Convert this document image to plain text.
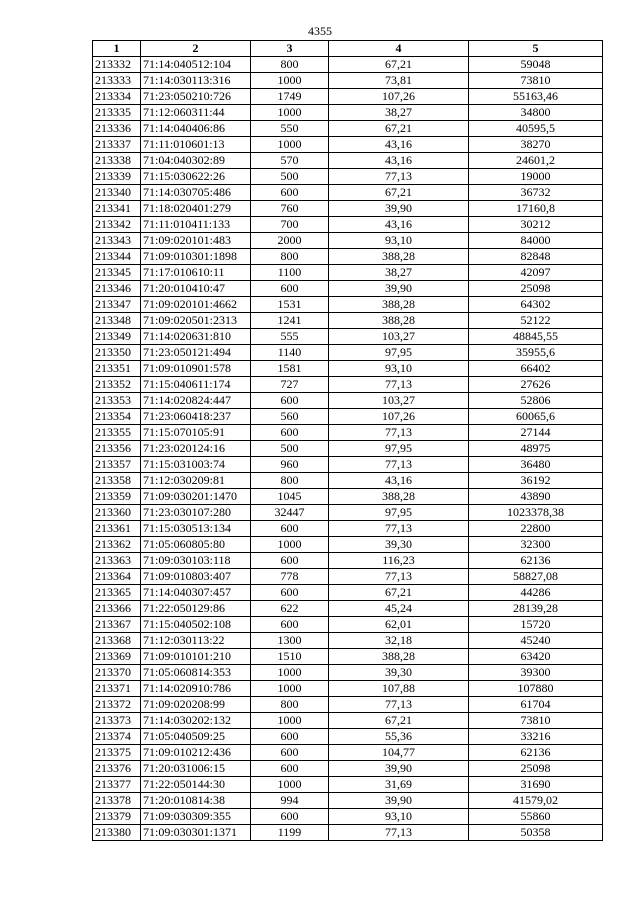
4355
1	2	3	4	5
213332	71:14:040512:104	800	67,21	59048
213333	71:14:030113:316	1000	73,81	73810
213334	71:23:050210:726	1749	107,26	55163,46
213335	71:12:060311:44	1000	38,27	34800
213336	71:14:040406:86	550	67,21	40595,5
213337	71:11:010601:13	1000	43,16	38270
213338	71:04:040302:89	570	43,16	24601,2
213339	71:15:030622:26	500	77,13	19000
213340	71:14:030705:486	600	67,21	36732
213341	71:18:020401:279	760	39,90	17160,8
213342	71:11:010411:133	700	43,16	30212
213343	71:09:020101:483	2000	93,10	84000
213344	71:09:010301:1898	800	388,28	82848
213345	71:17:010610:11	1100	38,27	42097
213346	71:20:010410:47	600	39,90	25098
213347	71:09:020101:4662	1531	388,28	64302
213348	71:09:020501:2313	1241	388,28	52122
213349	71:14:020631:810	555	103,27	48845,55
213350	71:23:050121:494	1140	97,95	35955,6
213351	71:09:010901:578	1581	93,10	66402
213352	71:15:040611:174	727	77,13	27626
213353	71:14:020824:447	600	103,27	52806
213354	71:23:060418:237	560	107,26	60065,6
213355	71:15:070105:91	600	77,13	27144
213356	71:23:020124:16	500	97,95	48975
213357	71:15:031003:74	960	77,13	36480
213358	71:12:030209:81	800	43,16	36192
213359	71:09:030201:1470	1045	388,28	43890
213360	71:23:030107:280	32447	97,95	1023378,38
213361	71:15:030513:134	600	77,13	22800
213362	71:05:060805:80	1000	39,30	32300
213363	71:09:030103:118	600	116,23	62136
213364	71:09:010803:407	778	77,13	58827,08
213365	71:14:040307:457	600	67,21	44286
213366	71:22:050129:86	622	45,24	28139,28
213367	71:15:040502:108	600	62,01	15720
213368	71:12:030113:22	1300	32,18	45240
213369	71:09:010101:210	1510	388,28	63420
213370	71:05:060814:353	1000	39,30	39300
213371	71:14:020910:786	1000	107,88	107880
213372	71:09:020208:99	800	77,13	61704
213373	71:14:030202:132	1000	67,21	73810
213374	71:05:040509:25	600	55,36	33216
213375	71:09:010212:436	600	104,77	62136
213376	71:20:031006:15	600	39,90	25098
213377	71:22:050144:30	1000	31,69	31690
213378	71:20:010814:38	994	39,90	41579,02
213379	71:09:030309:355	600	93,10	55860
213380	71:09:030301:1371	1199	77,13	50358
